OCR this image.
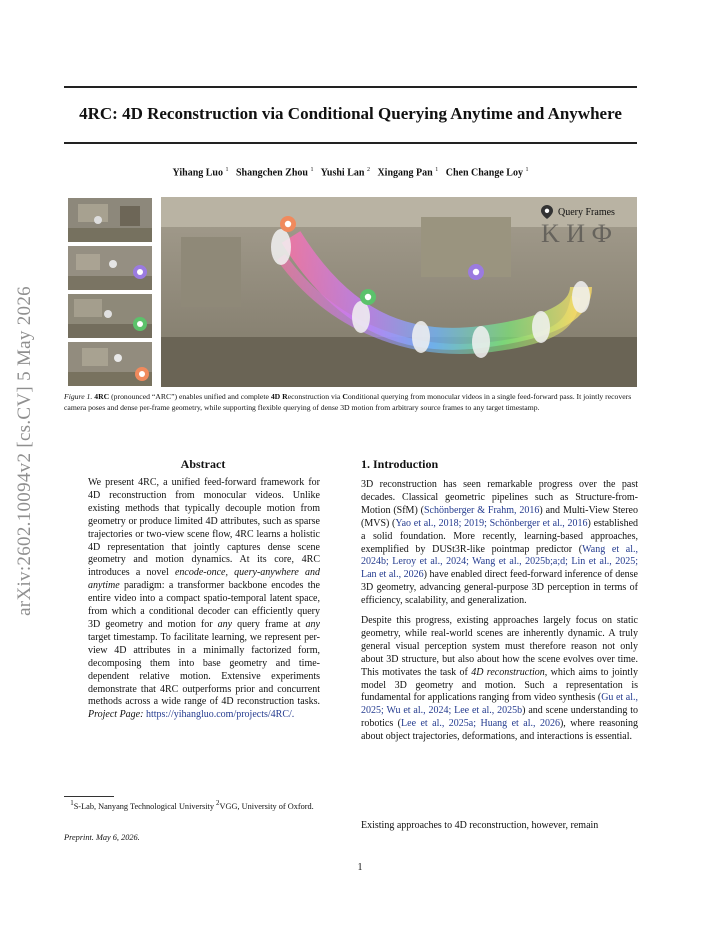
4RC: 4D Reconstruction via Conditional Querying Anytime and Anywhere
Yihang Luo $^1$ Shangchen Zhou $^1$ Yushi Lan $^2$ Xingang Pan $^1$ Chen Change Loy $^1$
arXiv:2602.10094v2 [cs.CV] 5 May 2026
K И Ф
Query Frames
Figure 1. 4RC (pronounced “ARC”) enables unified and complete 4D Reconstruction via Conditional querying from monocular videos in a single feed-forward pass. It jointly recovers camera poses and dense per-frame geometry, while supporting flexible querying of dense 3D motion from arbitrary source frames to any target timestamp.
Abstract
We present 4RC, a unified feed-forward framework for 4D reconstruction from monocular videos. Unlike existing methods that typically decouple motion from geometry or produce limited 4D attributes, such as sparse trajectories or two-view scene flow, 4RC learns a holistic 4D representation that jointly captures dense scene geometry and motion dynamics. At its core, 4RC introduces a novel encode-once, query-anywhere and anytime paradigm: a transformer backbone encodes the entire video into a compact spatio-temporal latent space, from which a conditional decoder can efficiently query 3D geometry and motion for any query frame at any target timestamp. To facilitate learning, we represent per-view 4D attributes in a minimally factorized form, decomposing them into base geometry and time-dependent relative motion. Extensive experiments demonstrate that 4RC outperforms prior and concurrent methods across a wide range of 4D reconstruction tasks. Project Page: https://yihangluo.com/projects/4RC/.
$^1$S-Lab, Nanyang Technological University $^2$VGG, University of Oxford.
Preprint. May 6, 2026.
1. Introduction
3D reconstruction has seen remarkable progress over the past decades. Classical geometric pipelines such as Structure-from-Motion (SfM) (Schönberger & Frahm, 2016) and Multi-View Stereo (MVS) (Yao et al., 2018; 2019; Schönberger et al., 2016) established a solid foundation. More recently, learning-based approaches, exemplified by DUSt3R-like pointmap predictor (Wang et al., 2024b; Leroy et al., 2024; Wang et al., 2025b;a;d; Lin et al., 2025; Lan et al., 2026) have enabled direct feed-forward inference of dense 3D geometry, advancing general-purpose 3D perception in terms of efficiency, scalability, and generalization.
Despite this progress, existing approaches largely focus on static geometry, while real-world scenes are inherently dynamic. A truly general visual perception system must therefore reason not only about 3D structure, but also about how the scene evolves over time. This motivates the task of 4D reconstruction, which aims to jointly model 3D geometry and motion. Such a representation is fundamental for applications ranging from video synthesis (Gu et al., 2025; Wu et al., 2024; Lee et al., 2025b) and scene understanding to robotics (Lee et al., 2025a; Huang et al., 2026), where reasoning about object trajectories, deformations, and interactions is essential.
Existing approaches to 4D reconstruction, however, remain
1
